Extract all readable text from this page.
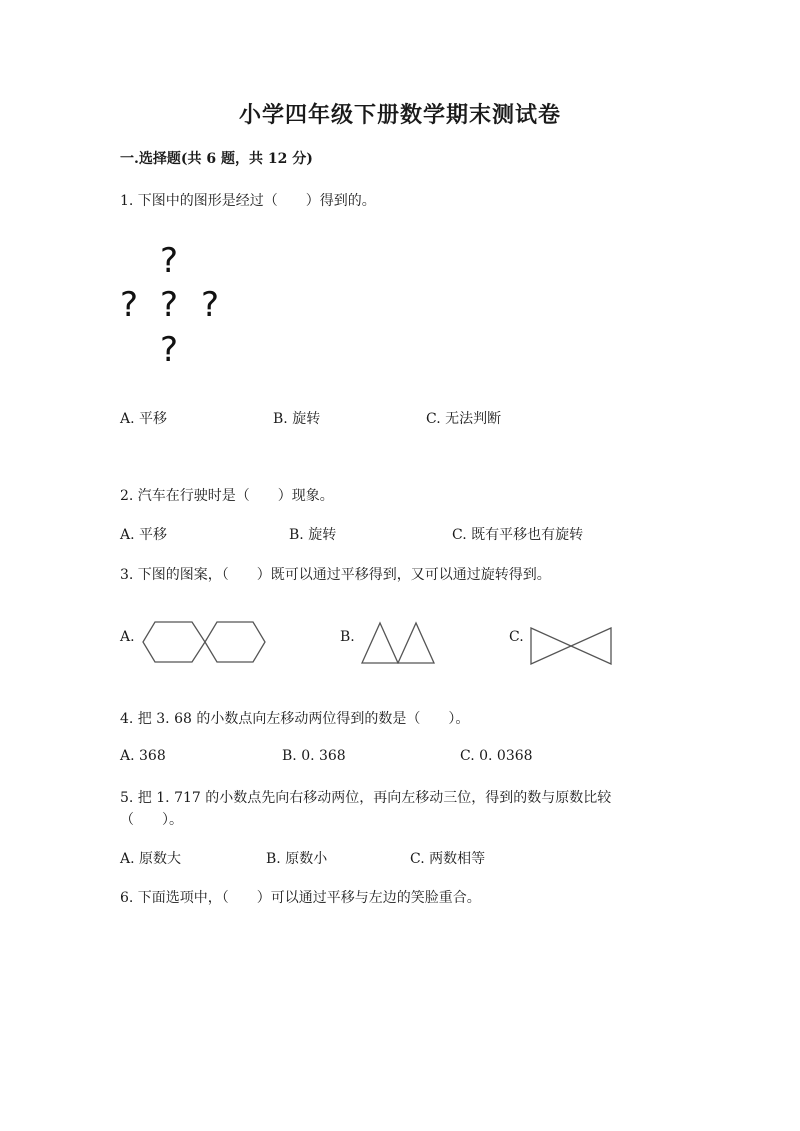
小学四年级下册数学期末测试卷
一.选择题(共 6 题，共 12 分)
1. 下图中的图形是经过（　　）得到的。
?
? ? ?
?
A. 平移	B. 旋转	C. 无法判断
2. 汽车在行驶时是（　　）现象。
A. 平移	B. 旋转	C. 既有平移也有旋转
3. 下图的图案，（　　）既可以通过平移得到，又可以通过旋转得到。
A.	B.	C.
4. 把 3. 68 的小数点向左移动两位得到的数是（　　）。
A. 368	B. 0. 368	C. 0. 0368
5. 把 1. 717 的小数点先向右移动两位，再向左移动三位，得到的数与原数比较
（　　）。
A. 原数大	B. 原数小	C. 两数相等
6. 下面选项中，（　　）可以通过平移与左边的笑脸重合。
